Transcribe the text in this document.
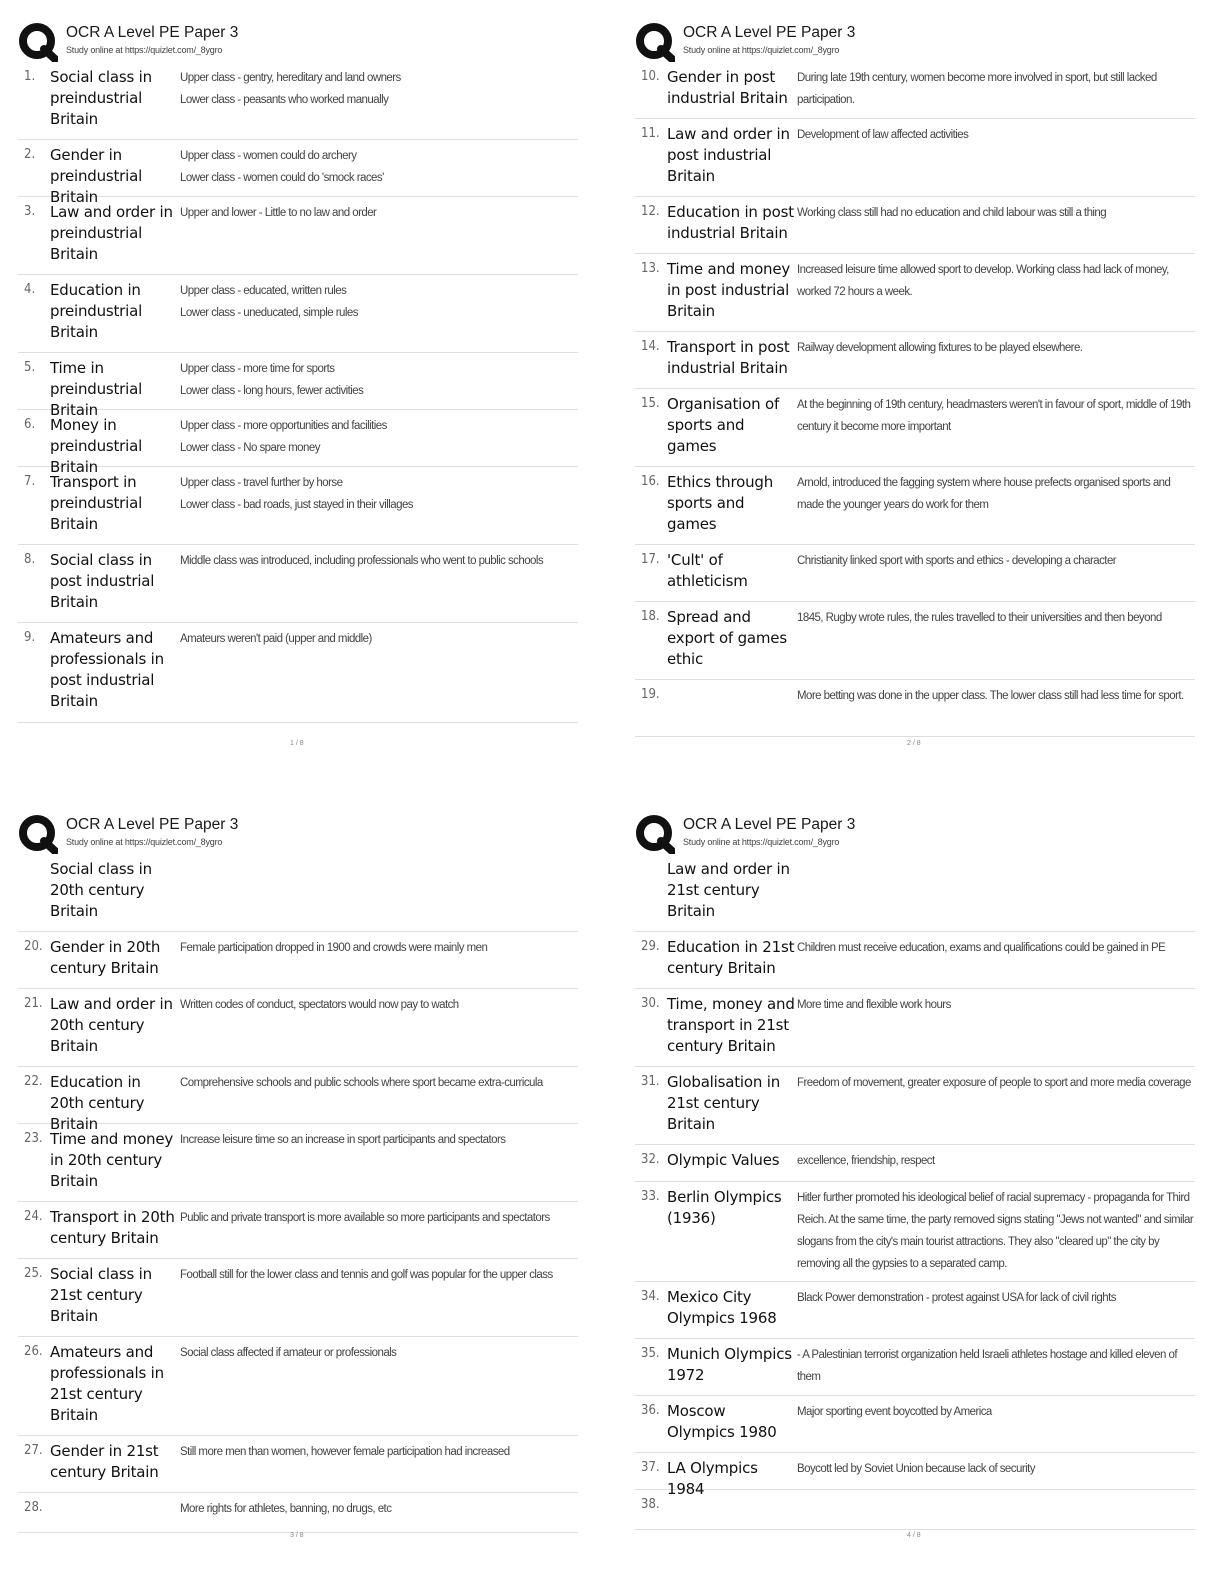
OCR A Level PE Paper 3
Study online at https://quizlet.com/_8ygro
1. Social class in preindustrial Britain
Upper class - gentry, hereditary and land owners
Lower class - peasants who worked manually
2. Gender in preindustrial Britain
Upper class - women could do archery
Lower class - women could do 'smock races'
3. Law and order in preindustrial Britain
Upper and lower - Little to no law and order
4. Education in preindustrial Britain
Upper class - educated, written rules
Lower class - uneducated, simple rules
5. Time in preindustrial Britain
Upper class - more time for sports
Lower class - long hours, fewer activities
6. Money in preindustrial Britain
Upper class - more opportunities and facilities
Lower class - No spare money
7. Transport in preindustrial Britain
Upper class - travel further by horse
Lower class - bad roads, just stayed in their villages
8. Social class in post industrial Britain
Middle class was introduced, including professionals who went to public schools
9. Amateurs and professionals in post industrial Britain
Amateurs weren't paid (upper and middle)
1 / 8
OCR A Level PE Paper 3
Study online at https://quizlet.com/_8ygro
10. Gender in post industrial Britain
During late 19th century, women become more involved in sport, but still lacked participation.
11. Law and order in post industrial Britain
Development of law affected activities
12. Education in post industrial Britain
Working class still had no education and child labour was still a thing
13. Time and money in post industrial Britain
Increased leisure time allowed sport to develop. Working class had lack of money, worked 72 hours a week.
14. Transport in post industrial Britain
Railway development allowing fixtures to be played elsewhere.
15. Organisation of sports and games
At the beginning of 19th century, headmasters weren't in favour of sport, middle of 19th century it become more important
16. Ethics through sports and games
Arnold, introduced the fagging system where house prefects organised sports and made the younger years do work for them
17. 'Cult' of athleticism
Christianity linked sport with sports and ethics - developing a character
18. Spread and export of games ethic
1845, Rugby wrote rules, the rules travelled to their universities and then beyond
19.	More betting was done in the upper class. The lower class still had less time for sport.
2 / 8
OCR A Level PE Paper 3
Study online at https://quizlet.com/_8ygro
Social class in 20th century Britain
20. Gender in 20th century Britain
Female participation dropped in 1900 and crowds were mainly men
21. Law and order in 20th century Britain
Written codes of conduct, spectators would now pay to watch
22. Education in 20th century Britain
Comprehensive schools and public schools where sport became extra-curricula
23. Time and money in 20th century Britain
Increase leisure time so an increase in sport participants and spectators
24. Transport in 20th century Britain
Public and private transport is more available so more participants and spectators
25. Social class in 21st century Britain
Football still for the lower class and tennis and golf was popular for the upper class
26. Amateurs and professionals in 21st century Britain
Social class affected if amateur or professionals
27. Gender in 21st century Britain
Still more men than women, however female participation had increased
28.	More rights for athletes, banning, no drugs, etc
3 / 8
OCR A Level PE Paper 3
Study online at https://quizlet.com/_8ygro
Law and order in 21st century Britain
29. Education in 21st century Britain
Children must receive education, exams and qualifications could be gained in PE
30. Time, money and transport in 21st century Britain
More time and flexible work hours
31. Globalisation in 21st century Britain
Freedom of movement, greater exposure of people to sport and more media coverage
32. Olympic Values	excellence, friendship, respect
33. Berlin Olympics (1936)
Hitler further promoted his ideological belief of racial supremacy - propaganda for Third Reich. At the same time, the party removed signs stating "Jews not wanted" and similar slogans from the city's main tourist attractions. They also "cleared up" the city by removing all the gypsies to a separated camp.
34. Mexico City Olympics 1968
Black Power demonstration - protest against USA for lack of civil rights
35. Munich Olympics 1972
- A Palestinian terrorist organization held Israeli athletes hostage and killed eleven of them
36. Moscow Olympics 1980
Major sporting event boycotted by America
37. LA Olympics 1984
Boycott led by Soviet Union because lack of security
38.
4 / 8
